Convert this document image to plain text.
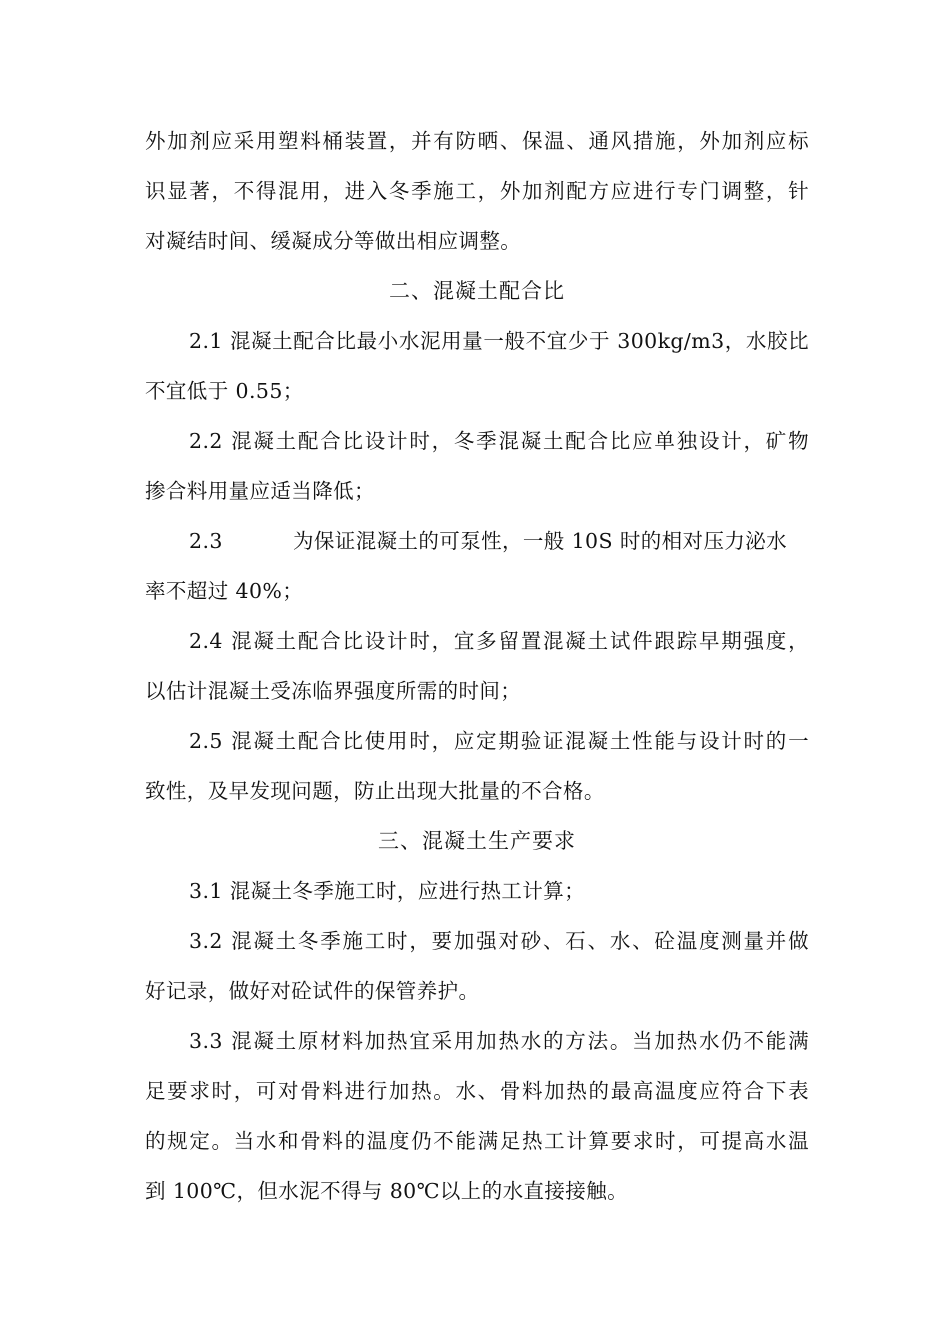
外加剂应采用塑料桶装置，并有防晒、保温、通风措施，外加剂应标
识显著，不得混用，进入冬季施工，外加剂配方应进行专门调整，针
对凝结时间、缓凝成分等做出相应调整。
二、混凝土配合比
2.1 混凝土配合比最小水泥用量一般不宜少于 300kg/m3，水胶比
不宜低于 0.55；
2.2 混凝土配合比设计时，冬季混凝土配合比应单独设计，矿物
掺合料用量应适当降低；
2.3	为保证混凝土的可泵性，一般 10S 时的相对压力泌水
率不超过 40%；
2.4 混凝土配合比设计时，宜多留置混凝土试件跟踪早期强度，
以估计混凝土受冻临界强度所需的时间；
2.5 混凝土配合比使用时，应定期验证混凝土性能与设计时的一
致性，及早发现问题，防止出现大批量的不合格。
三、混凝土生产要求
3.1 混凝土冬季施工时，应进行热工计算；
3.2 混凝土冬季施工时，要加强对砂、石、水、砼温度测量并做
好记录，做好对砼试件的保管养护。
3.3 混凝土原材料加热宜采用加热水的方法。当加热水仍不能满
足要求时，可对骨料进行加热。水、骨料加热的最高温度应符合下表
的规定。当水和骨料的温度仍不能满足热工计算要求时，可提高水温
到 100℃，但水泥不得与 80℃以上的水直接接触。
